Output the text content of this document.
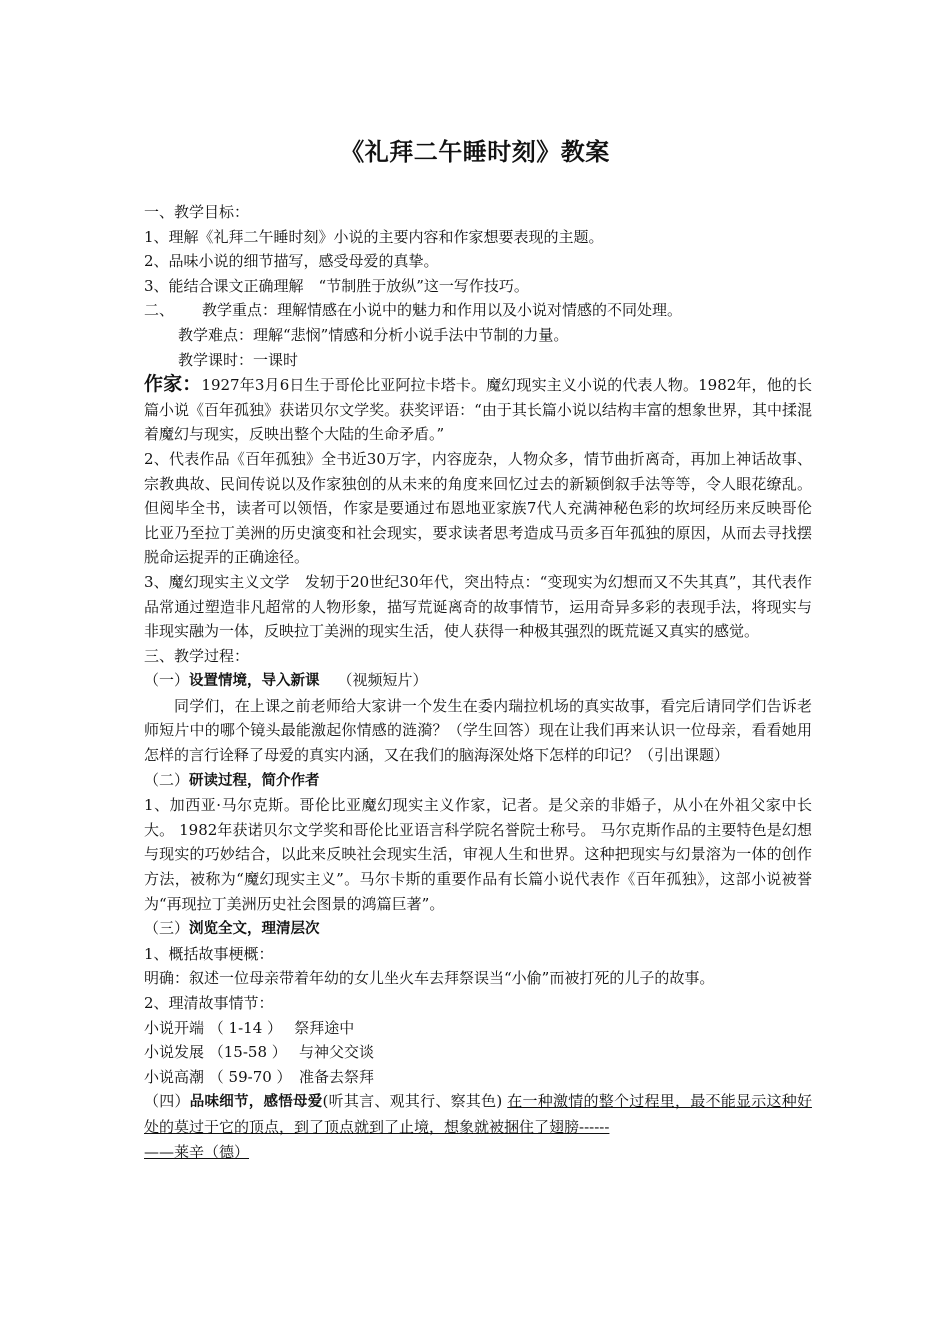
《礼拜二午睡时刻》教案

一、教学目标：

1、理解《礼拜二午睡时刻》小说的主要内容和作家想要表现的主题。

2、品味小说的细节描写，感受母爱的真挚。

3、能结合课文正确理解　“节制胜于放纵”这一写作技巧。

二、 教学重点：理解情感在小说中的魅力和作用以及小说对情感的不同处理。

教学难点：理解“悲悯”情感和分析小说手法中节制的力量。

教学课时：一课时

作家：1927年3月6日生于哥伦比亚阿拉卡塔卡。魔幻现实主义小说的代表人物。1982年，他的长篇小说《百年孤独》获诺贝尔文学奖。获奖评语：“由于其长篇小说以结构丰富的想象世界，其中揉混着魔幻与现实，反映出整个大陆的生命矛盾。”

2、代表作品《百年孤独》全书近30万字，内容庞杂，人物众多，情节曲折离奇，再加上神话故事、宗教典故、民间传说以及作家独创的从未来的角度来回忆过去的新颖倒叙手法等等，令人眼花缭乱。但阅毕全书，读者可以领悟，作家是要通过布恩地亚家族7代人充满神秘色彩的坎坷经历来反映哥伦比亚乃至拉丁美洲的历史演变和社会现实，要求读者思考造成马贡多百年孤独的原因，从而去寻找摆脱命运捉弄的正确途径。

3、魔幻现实主义文学　发轫于20世纪30年代，突出特点：“变现实为幻想而又不失其真”，其代表作品常通过塑造非凡超常的人物形象，描写荒诞离奇的故事情节，运用奇异多彩的表现手法，将现实与非现实融为一体，反映拉丁美洲的现实生活，使人获得一种极其强烈的既荒诞又真实的感觉。

三、教学过程：

（一）设置情境，导入新课 （视频短片）

同学们，在上课之前老师给大家讲一个发生在委内瑞拉机场的真实故事，看完后请同学们告诉老师短片中的哪个镜头最能激起你情感的涟漪？（学生回答）现在让我们再来认识一位母亲，看看她用怎样的言行诠释了母爱的真实内涵，又在我们的脑海深处烙下怎样的印记？（引出课题）

（二）研读过程，简介作者

1、加西亚·马尔克斯。哥伦比亚魔幻现实主义作家，记者。是父亲的非婚子，从小在外祖父家中长大。 1982年获诺贝尔文学奖和哥伦比亚语言科学院名誉院士称号。 马尔克斯作品的主要特色是幻想与现实的巧妙结合，以此来反映社会现实生活，审视人生和世界。这种把现实与幻景溶为一体的创作方法，被称为“魔幻现实主义”。马尔卡斯的重要作品有长篇小说代表作《百年孤独》，这部小说被誉为“再现拉丁美洲历史社会图景的鸿篇巨著”。

（三）浏览全文，理清层次

1、概括故事梗概：

明确：叙述一位母亲带着年幼的女儿坐火车去拜祭误当“小偷”而被打死的儿子的故事。

2、理清故事情节：

小说开端 （ 1-14 ）　 祭拜途中

小说发展 （15-58 ）　 与神父交谈

小说高潮 （ 59-70 ）　准备去祭拜

（四）品味细节，感悟母爱(听其言、观其行、察其色) 在一种激情的整个过程里，最不能显示这种好处的莫过于它的顶点，到了顶点就到了止境，想象就被捆住了翅膀------

——莱辛（德）
